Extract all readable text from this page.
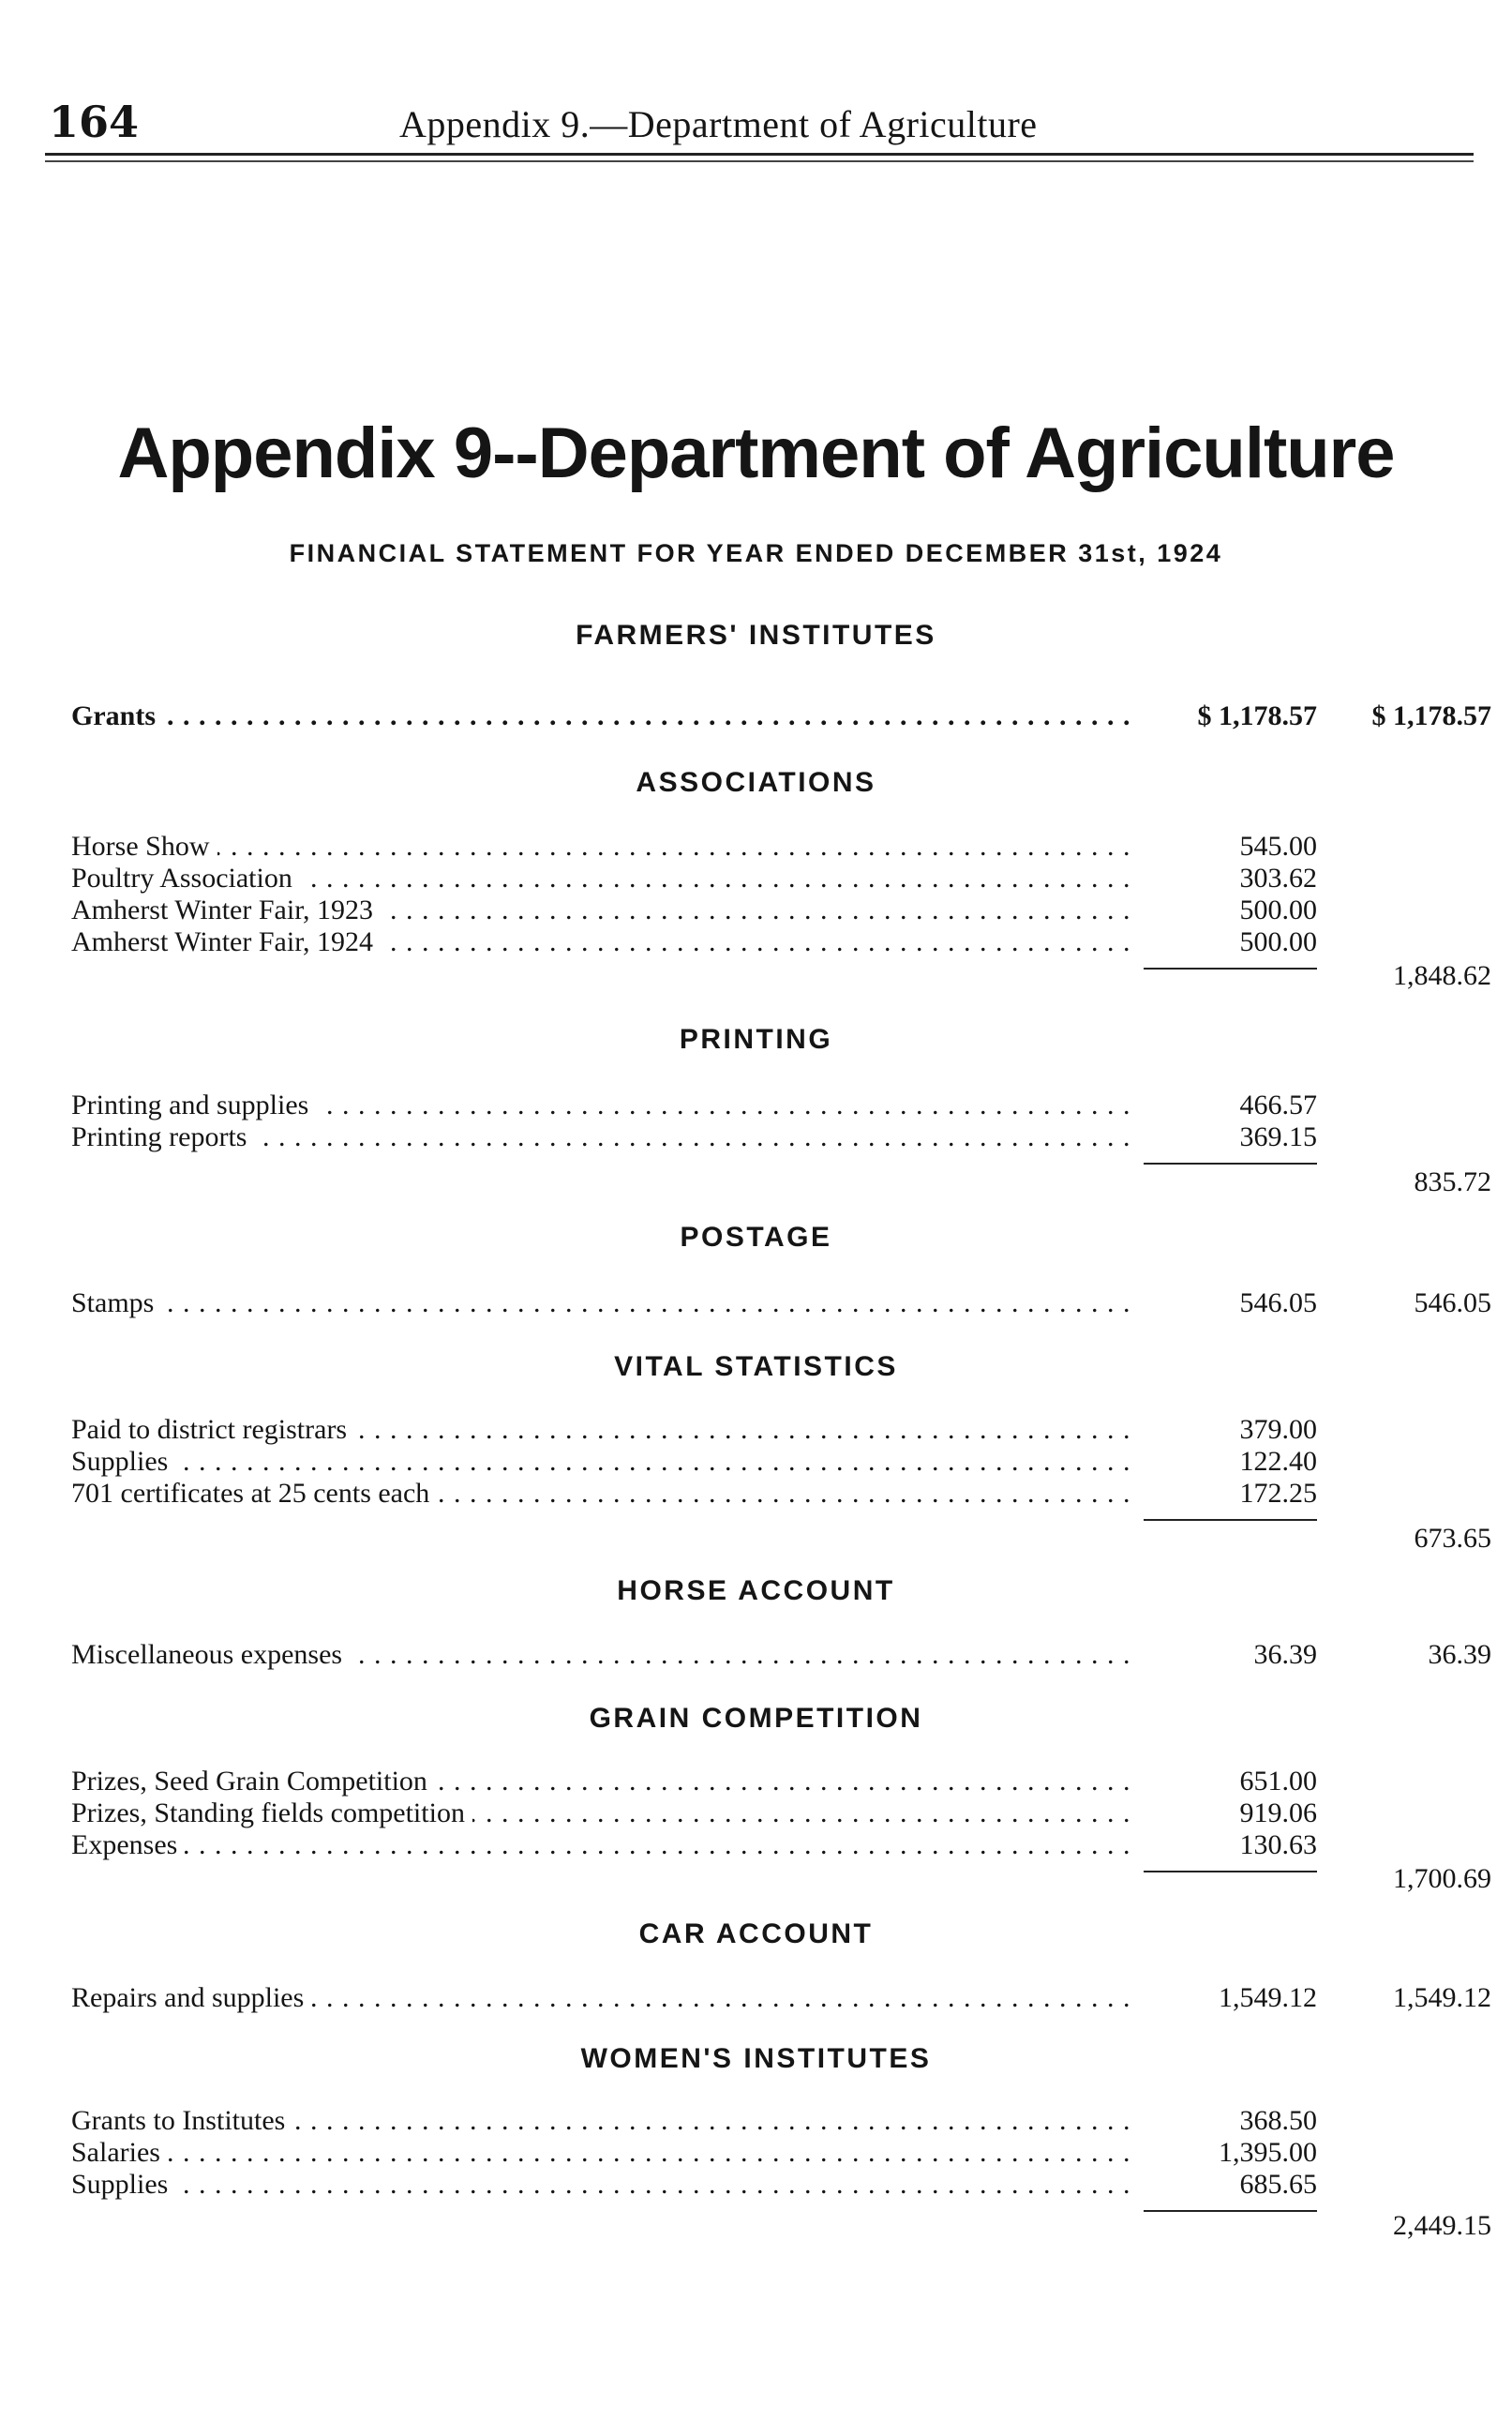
164	Appendix 9.—Department of Agriculture
Appendix 9--Department of Agriculture
FINANCIAL STATEMENT FOR YEAR ENDED DECEMBER 31st, 1924
FARMERS' INSTITUTES
Grants . . .	$ 1,178.57	$ 1,178.57
ASSOCIATIONS
Horse Show . . .	545.00
Poultry Association . . .	303.62
Amherst Winter Fair, 1923 . . .	500.00
Amherst Winter Fair, 1924 . . .	500.00
1,848.62
PRINTING
Printing and supplies . . .	466.57
Printing reports . . .	369.15
835.72
POSTAGE
Stamps . . .	546.05	546.05
VITAL STATISTICS
Paid to district registrars . . .	379.00
Supplies . . .	122.40
701 certificates at 25 cents each . . .	172.25
673.65
HORSE ACCOUNT
Miscellaneous expenses . . .	36.39	36.39
GRAIN COMPETITION
Prizes, Seed Grain Competition . . .	651.00
Prizes, Standing fields competition . . .	919.06
Expenses . . .	130.63
1,700.69
CAR ACCOUNT
Repairs and supplies . . .	1,549.12	1,549.12
WOMEN'S INSTITUTES
Grants to Institutes . . .	368.50
Salaries . . .	1,395.00
Supplies . . .	685.65
2,449.15
